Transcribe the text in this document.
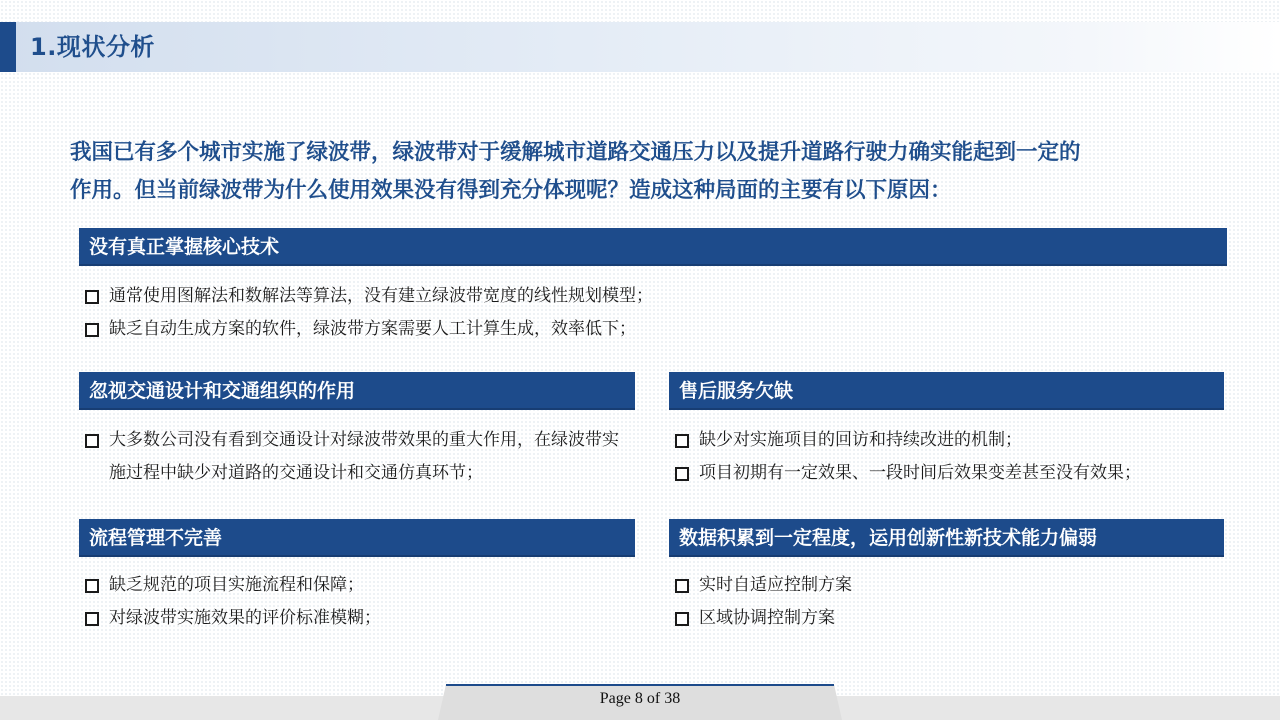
1.现状分析

我国已有多个城市实施了绿波带，绿波带对于缓解城市道路交通压力以及提升道路行驶力确实能起到一定的

作用。但当前绿波带为什么使用效果没有得到充分体现呢？造成这种局面的主要有以下原因：

没有真正掌握核心技术
通常使用图解法和数解法等算法，没有建立绿波带宽度的线性规划模型；
缺乏自动生成方案的软件，绿波带方案需要人工计算生成，效率低下；
忽视交通设计和交通组织的作用
大多数公司没有看到交通设计对绿波带效果的重大作用，在绿波带实施过程中缺少对道路的交通设计和交通仿真环节；
售后服务欠缺
缺少对实施项目的回访和持续改进的机制；
项目初期有一定效果、一段时间后效果变差甚至没有效果；
流程管理不完善
缺乏规范的项目实施流程和保障；
对绿波带实施效果的评价标准模糊；
数据积累到一定程度，运用创新性新技术能力偏弱
实时自适应控制方案
区域协调控制方案
Page 8 of 38
